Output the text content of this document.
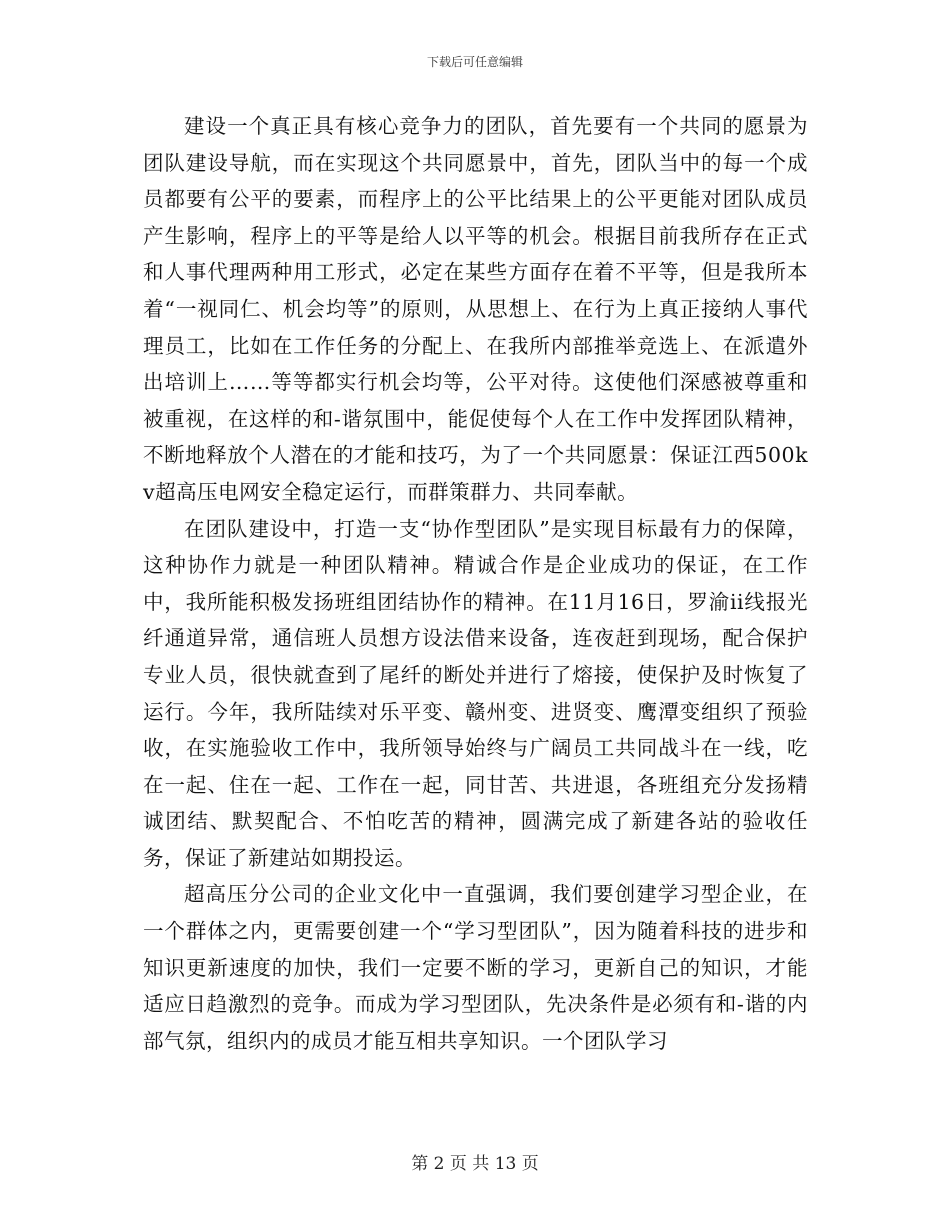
下载后可任意编辑

建设一个真正具有核心竞争力的团队，首先要有一个共同的愿景为团队建设导航，而在实现这个共同愿景中，首先，团队当中的每一个成员都要有公平的要素，而程序上的公平比结果上的公平更能对团队成员产生影响，程序上的平等是给人以平等的机会。根据目前我所存在正式和人事代理两种用工形式，必定在某些方面存在着不平等，但是我所本着“一视同仁、机会均等”的原则，从思想上、在行为上真正接纳人事代理员工，比如在工作任务的分配上、在我所内部推举竞选上、在派遣外出培训上……等等都实行机会均等，公平对待。这使他们深感被尊重和被重视，在这样的和-谐氛围中，能促使每个人在工作中发挥团队精神，不断地释放个人潜在的才能和技巧，为了一个共同愿景：保证江西500kv超高压电网安全稳定运行，而群策群力、共同奉献。

在团队建设中，打造一支“协作型团队”是实现目标最有力的保障，这种协作力就是一种团队精神。精诚合作是企业成功的保证，在工作中，我所能积极发扬班组团结协作的精神。在11月16日，罗渝ii线报光纤通道异常，通信班人员想方设法借来设备，连夜赶到现场，配合保护专业人员，很快就查到了尾纤的断处并进行了熔接，使保护及时恢复了运行。今年，我所陆续对乐平变、赣州变、进贤变、鹰潭变组织了预验收，在实施验收工作中，我所领导始终与广阔员工共同战斗在一线，吃在一起、住在一起、工作在一起，同甘苦、共进退，各班组充分发扬精诚团结、默契配合、不怕吃苦的精神，圆满完成了新建各站的验收任务，保证了新建站如期投运。

超高压分公司的企业文化中一直强调，我们要创建学习型企业，在一个群体之内，更需要创建一个“学习型团队”，因为随着科技的进步和知识更新速度的加快，我们一定要不断的学习，更新自己的知识，才能适应日趋激烈的竞争。而成为学习型团队，先决条件是必须有和-谐的内部气氛，组织内的成员才能互相共享知识。一个团队学习

第 2 页 共 13 页
